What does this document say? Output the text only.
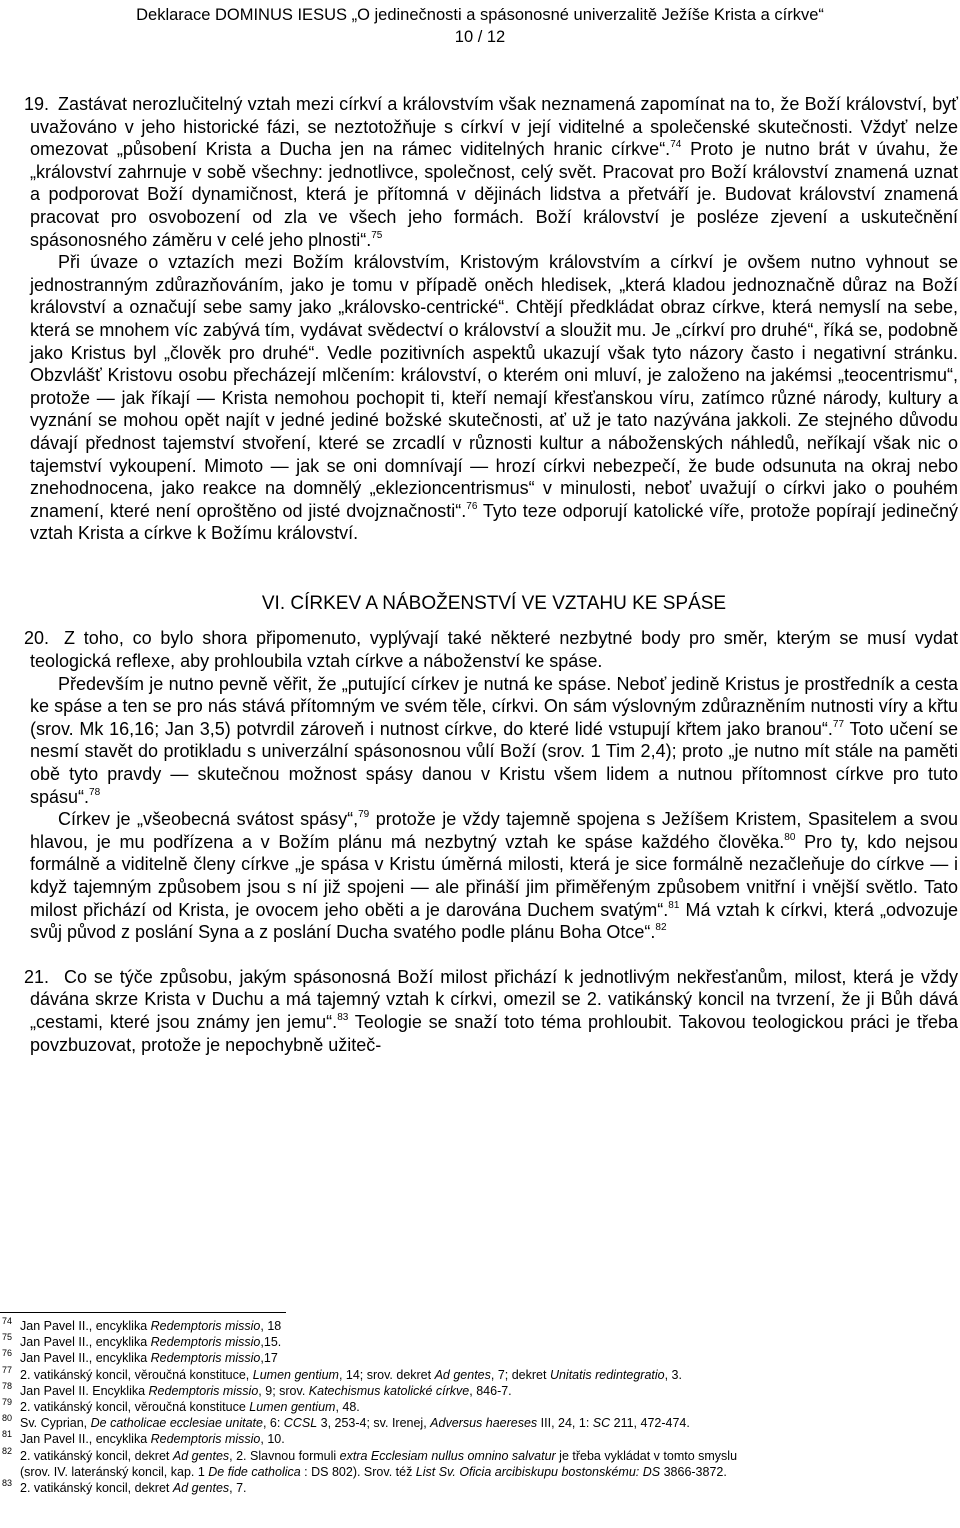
Deklarace DOMINUS IESUS „O jedinečnosti a spásonosné univerzalitě Ježíše Krista a církve“
10 / 12

19. Zastávat nerozlučitelný vztah mezi církví a královstvím však neznamená zapomínat na to, že Boží království, byť uvažováno v jeho historické fázi, se neztotožňuje s církví v její viditelné a společenské skutečnosti. Vždyť nelze omezovat „působení Krista a Ducha jen na rámec viditelných hranic církve“.$^{74}$ Proto je nutno brát v úvahu, že „království zahrnuje v sobě všechny: jednotlivce, společnost, celý svět. Pracovat pro Boží království znamená uznat a podporovat Boží dynamičnost, která je přítomná v dějinách lidstva a přetváří je. Budovat království znamená pracovat pro osvobození od zla ve všech jeho formách. Boží království je posléze zjevení a uskutečnění spásonosného záměru v celé jeho plnosti“.$^{75}$

Při úvaze o vztazích mezi Božím královstvím, Kristovým královstvím a církví je ovšem nutno vyhnout se jednostranným zdůrazňováním, jako je tomu v případě oněch hledisek, „která kladou jednoznačně důraz na Boží království a označují sebe samy jako „královsko-centrické“. Chtějí předkládat obraz církve, která nemyslí na sebe, která se mnohem víc zabývá tím, vydávat svědectví o království a sloužit mu. Je „církví pro druhé“, říká se, podobně jako Kristus byl „člověk pro druhé“. Vedle pozitivních aspektů ukazují však tyto názory často i negativní stránku. Obzvlášť Kristovu osobu přecházejí mlčením: království, o kterém oni mluví, je založeno na jakémsi „teocentrismu“, protože — jak říkají — Krista nemohou pochopit ti, kteří nemají křesťanskou víru, zatímco různé národy, kultury a vyznání se mohou opět najít v jedné jediné božské skutečnosti, ať už je tato nazývána jakkoli. Ze stejného důvodu dávají přednost tajemství stvoření, které se zrcadlí v různosti kultur a náboženských náhledů, neříkají však nic o tajemství vykoupení. Mimoto — jak se oni domnívají — hrozí církvi nebezpečí, že bude odsunuta na okraj nebo znehodnocena, jako reakce na domnělý „eklezioncentrismus“ v minulosti, neboť uvažují o církvi jako o pouhém znamení, které není oproštěno od jisté dvojznačnosti“.$^{76}$ Tyto teze odporují katolické víře, protože popírají jedinečný vztah Krista a církve k Božímu království.

VI. CÍRKEV A NÁBOŽENSTVÍ VE VZTAHU KE SPÁSE

20. Z toho, co bylo shora připomenuto, vyplývají také některé nezbytné body pro směr, kterým se musí vydat teologická reflexe, aby prohloubila vztah církve a náboženství ke spáse.

Především je nutno pevně věřit, že „putující církev je nutná ke spáse. Neboť jedině Kristus je prostředník a cesta ke spáse a ten se pro nás stává přítomným ve svém těle, církvi. On sám výslovným zdůrazněním nutnosti víry a křtu (srov. Mk 16,16; Jan 3,5) potvrdil zároveň i nutnost církve, do které lidé vstupují křtem jako branou“.$^{77}$ Toto učení se nesmí stavět do protikladu s univerzální spásonosnou vůlí Boží (srov. 1 Tim 2,4); proto „je nutno mít stále na paměti obě tyto pravdy — skutečnou možnost spásy danou v Kristu všem lidem a nutnou přítomnost církve pro tuto spásu“.$^{78}$

Církev je „všeobecná svátost spásy“,$^{79}$ protože je vždy tajemně spojena s Ježíšem Kristem, Spasitelem a svou hlavou, je mu podřízena a v Božím plánu má nezbytný vztah ke spáse každého člověka.$^{80}$ Pro ty, kdo nejsou formálně a viditelně členy církve „je spása v Kristu úměrná milosti, která je sice formálně nezačleňuje do církve — i když tajemným způsobem jsou s ní již spojeni — ale přináší jim přiměřeným způsobem vnitřní i vnější světlo. Tato milost přichází od Krista, je ovocem jeho oběti a je darována Duchem svatým“.$^{81}$ Má vztah k církvi, která „odvozuje svůj původ z poslání Syna a z poslání Ducha svatého podle plánu Boha Otce“.$^{82}$

21. Co se týče způsobu, jakým spásonosná Boží milost přichází k jednotlivým nekřesťanům, milost, která je vždy dávána skrze Krista v Duchu a má tajemný vztah k církvi, omezil se 2. vatikánský koncil na tvrzení, že ji Bůh dává „cestami, které jsou známy jen jemu“.$^{83}$ Teologie se snaží toto téma prohloubit. Takovou teologickou práci je třeba povzbuzovat, protože je nepochybně užiteč-

74 Jan Pavel II., encyklika Redemptoris missio, 18
75 Jan Pavel II., encyklika Redemptoris missio,15.
76 Jan Pavel II., encyklika Redemptoris missio,17
77 2. vatikánský koncil, věroučná konstituce, Lumen gentium, 14; srov. dekret Ad gentes, 7; dekret Unitatis redintegratio, 3.
78 Jan Pavel II. Encyklika Redemptoris missio, 9; srov. Katechismus katolické církve, 846-7.
79 2. vatikánský koncil, věroučná konstituce Lumen gentium, 48.
80 Sv. Cyprian, De catholicae ecclesiae unitate, 6: CCSL 3, 253-4; sv. Irenej, Adversus haereses III, 24, 1: SC 211, 472-474.
81 Jan Pavel II., encyklika Redemptoris missio, 10.
82 2. vatikánský koncil, dekret Ad gentes, 2. Slavnou formuli extra Ecclesiam nullus omnino salvatur je třeba vykládat v tomto smyslu
(srov. IV. lateránský koncil, kap. 1 De fide catholica : DS 802). Srov. též List Sv. Oficia arcibiskupu bostonskému: DS 3866-3872.
83 2. vatikánský koncil, dekret Ad gentes, 7.
